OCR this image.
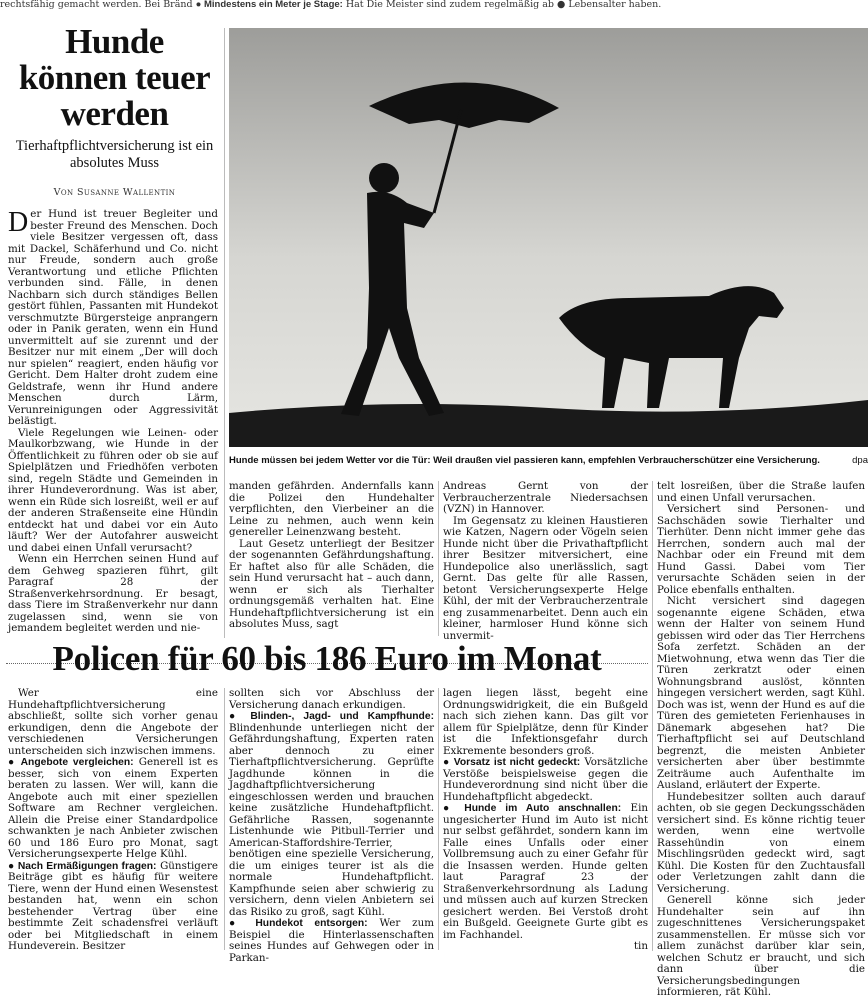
rechtsfähig gemacht werden. Bei Bränd ● Mindestens ein Meter je Stage: Hat Die Meister sind zudem regelmäßig ab ● Lebensalter haben.
Hunde können teuer werden
Tierhaftpflichtversicherung ist ein absolutes Muss
Von Susanne Wallentin

Der Hund ist treuer Begleiter und bester Freund des Menschen. Doch viele Besitzer vergessen oft, dass mit Dackel, Schäferhund und Co. nicht nur Freude, sondern auch große Verantwortung und etliche Pflichten verbunden sind. Fälle, in denen Nachbarn sich durch ständiges Bellen gestört fühlen, Passanten mit Hundekot verschmutzte Bürgersteige anprangern oder in Panik geraten, wenn ein Hund unvermittelt auf sie zurennt und der Besitzer nur mit einem „Der will doch nur spielen“ reagiert, enden häufig vor Gericht. Dem Halter droht zudem eine Geldstrafe, wenn ihr Hund andere Menschen durch Lärm, Verunreinigungen oder Aggressivität belästigt.

Viele Regelungen wie Leinen- oder Maulkorbzwang, wie Hunde in der Öffentlichkeit zu führen oder ob sie auf Spielplätzen und Friedhöfen verboten sind, regeln Städte und Gemeinden in ihrer Hundeverordnung. Was ist aber, wenn ein Rüde sich losreißt, weil er auf der anderen Straßenseite eine Hündin entdeckt hat und dabei vor ein Auto läuft? Wer der Autofahrer ausweicht und dabei einen Unfall verursacht?

Wenn ein Herrchen seinen Hund auf dem Gehweg spazieren führt, gilt Paragraf 28 der Straßenverkehrsordnung. Er besagt, dass Tiere im Straßenverkehr nur dann zugelassen sind, wenn sie von jemandem begleitet werden und nie-

Hunde müssen bei jedem Wetter vor die Tür: Weil draußen viel passieren kann, empfehlen Verbraucherschützer eine Versicherung.	dpa

manden gefährden. Andernfalls kann die Polizei den Hundehalter verpflichten, den Vierbeiner an die Leine zu nehmen, auch wenn kein genereller Leinenzwang besteht.

Laut Gesetz unterliegt der Besitzer der sogenannten Gefährdungshaftung. Er haftet also für alle Schäden, die sein Hund verursacht hat – auch dann, wenn er sich als Tierhalter ordnungsgemäß verhalten hat. Eine Hundehaftpflichtversicherung ist ein absolutes Muss, sagt

Andreas Gernt von der Verbraucherzentrale Niedersachsen (VZN) in Hannover.

Im Gegensatz zu kleinen Haustieren wie Katzen, Nagern oder Vögeln seien Hunde nicht über die Privathaftpflicht ihrer Besitzer mitversichert, eine Hundepolice also unerlässlich, sagt Gernt. Das gelte für alle Rassen, betont Versicherungsexperte Helge Kühl, der mit der Verbraucherzentrale eng zusammenarbeitet. Denn auch ein kleiner, harmloser Hund könne sich unvermit-

telt losreißen, über die Straße laufen und einen Unfall verursachen.

Versichert sind Personen- und Sachschäden sowie Tierhalter und Tierhüter. Denn nicht immer gehe das Herrchen, sondern auch mal der Nachbar oder ein Freund mit dem Hund Gassi. Dabei vom Tier verursachte Schäden seien in der Police ebenfalls enthalten.

Nicht versichert sind dagegen sogenannte eigene Schäden, etwa wenn der Halter von seinem Hund gebissen wird oder das Tier Herrchens Sofa zerfetzt. Schäden an der Mietwohnung, etwa wenn das Tier die Türen zerkratzt oder einen Wohnungsbrand auslöst, könnten hingegen versichert werden, sagt Kühl. Doch was ist, wenn der Hund es auf die Türen des gemieteten Ferienhauses in Dänemark abgesehen hat? Die Tierhaftpflicht sei auf Deutschland begrenzt, die meisten Anbieter versicherten aber über bestimmte Zeiträume auch Aufenthalte im Ausland, erläutert der Experte.

Hundebesitzer sollten auch darauf achten, ob sie gegen Deckungsschäden versichert sind. Es könne richtig teuer werden, wenn eine wertvolle Rassehündin von einem Mischlingsrüden gedeckt wird, sagt Kühl. Die Kosten für den Zuchtausfall oder Verletzungen zahlt dann die Versicherung.

Generell könne sich jeder Hundehalter sein auf ihn zugeschnittenes Versicherungspaket zusammenstellen. Er müsse sich vor allem zunächst darüber klar sein, welchen Schutz er braucht, und sich dann über die Versicherungsbedingungen informieren, rät Kühl.

Policen für 60 bis 186 Euro im Monat

Wer eine Hundehaftpflichtversicherung abschließt, sollte sich vorher genau erkundigen, denn die Angebote der verschiedenen Versicherungen unterscheiden sich inzwischen immens.

● Angebote vergleichen: Generell ist es besser, sich von einem Experten beraten zu lassen. Wer will, kann die Angebote auch mit einer speziellen Software am Rechner vergleichen. Allein die Preise einer Standardpolice schwankten je nach Anbieter zwischen 60 und 186 Euro pro Monat, sagt Versicherungsexperte Helge Kühl.

● Nach Ermäßigungen fragen: Günstigere Beiträge gibt es häufig für weitere Tiere, wenn der Hund einen Wesenstest bestanden hat, wenn ein schon bestehender Vertrag über eine bestimmte Zeit schadensfrei verläuft oder bei Mitgliedschaft in einem Hundeverein. Besitzer

sollten sich vor Abschluss der Versicherung danach erkundigen.

● Blinden-, Jagd- und Kampfhunde: Blindenhunde unterliegen nicht der Gefährdungshaftung, Experten raten aber dennoch zu einer Tierhaftpflichtversicherung. Geprüfte Jagdhunde können in die Jagdhaftpflichtversicherung eingeschlossen werden und brauchen keine zusätzliche Hundehaftpflicht. Gefährliche Rassen, sogenannte Listenhunde wie Pitbull-Terrier und American-Staffordshire-Terrier, benötigen eine spezielle Versicherung, die um einiges teurer ist als die normale Hundehaftpflicht. Kampfhunde seien aber schwierig zu versichern, denn vielen Anbietern sei das Risiko zu groß, sagt Kühl.

● Hundekot entsorgen: Wer zum Beispiel die Hinterlassenschaften seines Hundes auf Gehwegen oder in Parkan-

lagen liegen lässt, begeht eine Ordnungswidrigkeit, die ein Bußgeld nach sich ziehen kann. Das gilt vor allem für Spielplätze, denn für Kinder ist die Infektionsgefahr durch Exkremente besonders groß.

● Vorsatz ist nicht gedeckt: Vorsätzliche Verstöße beispielsweise gegen die Hundeverordnung sind nicht über die Hundehaftpflicht abgedeckt.

● Hunde im Auto anschnallen: Ein ungesicherter Hund im Auto ist nicht nur selbst gefährdet, sondern kann im Falle eines Unfalls oder einer Vollbremsung auch zu einer Gefahr für die Insassen werden. Hunde gelten laut Paragraf 23 der Straßenverkehrsordnung als Ladung und müssen auch auf kurzen Strecken gesichert werden. Bei Verstoß droht ein Bußgeld. Geeignete Gurte gibt es im Fachhandel.

tin
